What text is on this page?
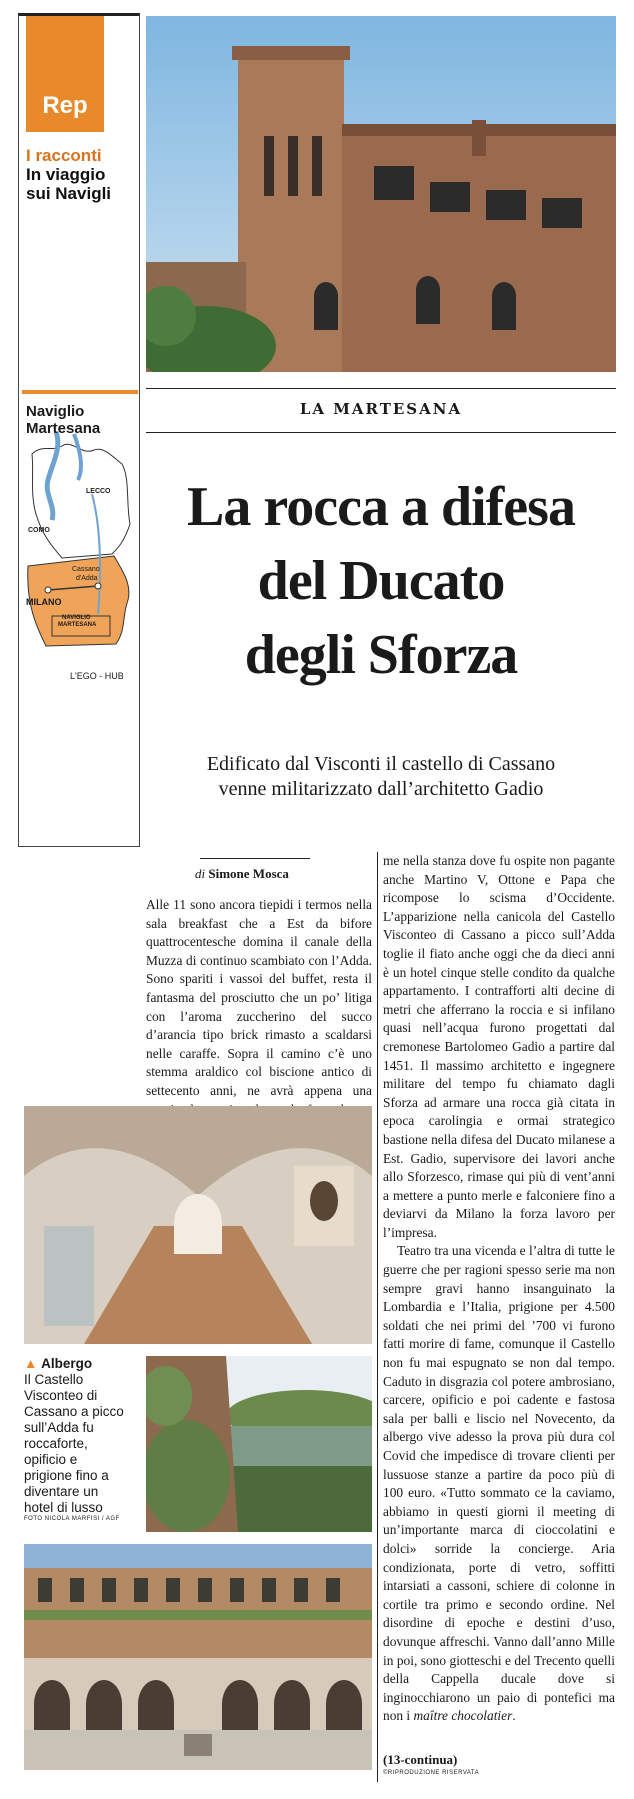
Rep
I racconti
In viaggio
sui Navigli
Naviglio
Martesana
LECCO
COMO
Cassano
d'Adda
MILANO
NAVIGLIO
MARTESANA
L'EGO - HUB
LA MARTESANA
La rocca a difesa
del Ducato
degli Sforza
Edificato dal Visconti il castello di Cassano
venne militarizzato dall’architetto Gadio
di Simone Mosca
Alle 11 sono ancora tiepidi i termos nella sala breakfast che a Est da bifore quattrocentesche domina il canale della Muzza di continuo scambiato con l’Adda. Sono spariti i vassoi del buffet, resta il fantasma del prosciutto che un po’ litiga con l’aroma zuccherino del succo d’arancia tipo brick rimasto a scaldarsi nelle caraffe. Sopra il camino c’è uno stemma araldico col biscione antico di settecento anni, ne avrà appena una

me nella stanza dove fu ospite non pagante anche Martino V, Ottone e Papa che ricompose lo scisma d’Occidente. L’apparizione nella canicola del Castello Visconteo di Cassano a picco sull’Adda toglie il fiato anche oggi che da dieci anni è un hotel cinque stelle condito da qualche appartamento. I contrafforti alti decine di metri che afferrano la roccia e si infilano quasi nell’acqua furono progettati dal cremonese Bartolomeo Gadio a partire dal 1451. Il massimo architetto e ingegnere militare del tempo fu chiamato dagli Sforza ad armare una rocca già citata in epoca carolingia e ormai strategico bastione nella difesa del Ducato milanese a Est. Gadio, supervisore dei lavori anche allo Sforzesco, rimase qui più di vent’anni a mettere a punto merle e falconiere fino a deviarvi da Milano la forza lavoro per l’impresa.

Teatro tra una vicenda e l’altra di tutte le guerre che per ragioni spesso serie ma non sempre gravi hanno insanguinato la Lombardia e l’Italia, prigione per 4.500 soldati che nei primi del ’700 vi furono fatti morire di fame, comunque il Castello non fu mai espugnato se non dal tempo. Caduto in disgrazia col potere ambrosiano, carcere, opificio e poi cadente e fastosa sala per balli e liscio nel Novecento, da albergo vive adesso la prova più dura col Covid che impedisce di trovare clienti per lussuose stanze a partire da poco più di 100 euro. «Tutto sommato ce la caviamo, abbiamo in questi giorni il meeting di un’importante marca di cioccolatini e dolci» sorride la concierge. Aria condizionata, porte di vetro, soffitti intarsiati a cassoni, schiere di colonne in cortile tra primo e secondo ordine. Nel disordine di epoche e destini d’uso, dovunque affreschi. Vanno dall’anno Mille in poi, sono giotteschi e del Trecento quelli della Cappella ducale dove si inginocchiarono un paio di pontefici ma non i maître chocolatier.

(13-continua)
©RIPRODUZIONE RISERVATA
▲ Albergo
Il Castello Visconteo di Cassano a picco sull’Adda fu roccaforte, opificio e prigione fino a diventare un hotel di lusso
FOTO NICOLA MARFISI / AGF
